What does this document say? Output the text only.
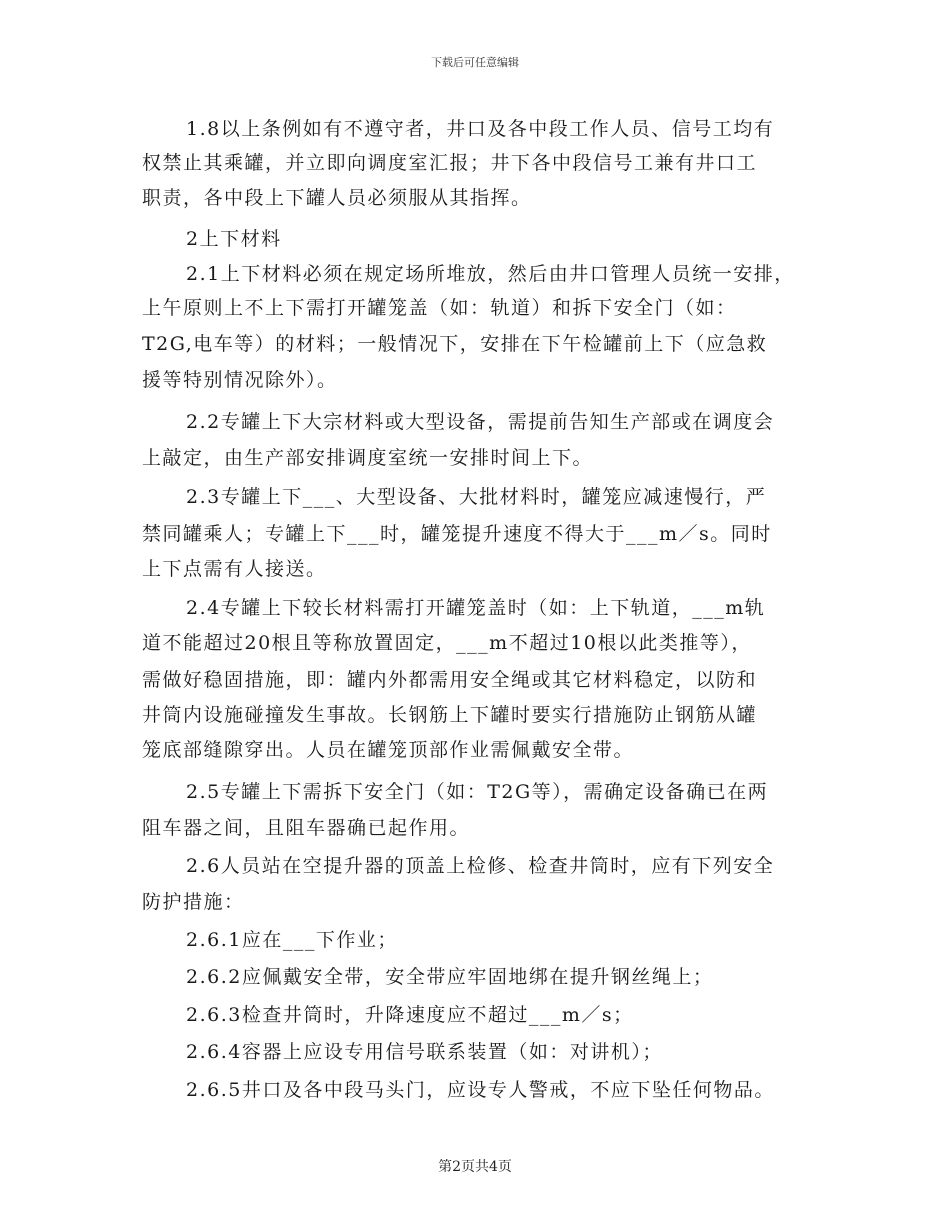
下载后可任意编辑
1.8以上条例如有不遵守者，井口及各中段工作人员、信号工均有
权禁止其乘罐，并立即向调度室汇报；井下各中段信号工兼有井口工
职责，各中段上下罐人员必须服从其指挥。
2上下材料
2.1上下材料必须在规定场所堆放，然后由井口管理人员统一安排，
上午原则上不上下需打开罐笼盖（如：轨道）和拆下安全门（如：
T2G,电车等）的材料；一般情况下，安排在下午检罐前上下（应急救
援等特别情况除外）。
2.2专罐上下大宗材料或大型设备，需提前告知生产部或在调度会
上敲定，由生产部安排调度室统一安排时间上下。
2.3专罐上下___、大型设备、大批材料时，罐笼应减速慢行，严
禁同罐乘人；专罐上下___时，罐笼提升速度不得大于___m／s。同时
上下点需有人接送。
2.4专罐上下较长材料需打开罐笼盖时（如：上下轨道，___m轨
道不能超过20根且等称放置固定，___m不超过10根以此类推等），
需做好稳固措施，即：罐内外都需用安全绳或其它材料稳定，以防和
井筒内设施碰撞发生事故。长钢筋上下罐时要实行措施防止钢筋从罐
笼底部缝隙穿出。人员在罐笼顶部作业需佩戴安全带。
2.5专罐上下需拆下安全门（如：T2G等），需确定设备确已在两
阻车器之间，且阻车器确已起作用。
2.6人员站在空提升器的顶盖上检修、检查井筒时，应有下列安全
防护措施：
2.6.1应在___下作业；
2.6.2应佩戴安全带，安全带应牢固地绑在提升钢丝绳上；
2.6.3检查井筒时，升降速度应不超过___m／s；
2.6.4容器上应设专用信号联系装置（如：对讲机）；
2.6.5井口及各中段马头门，应设专人警戒，不应下坠任何物品。
第2页共4页
